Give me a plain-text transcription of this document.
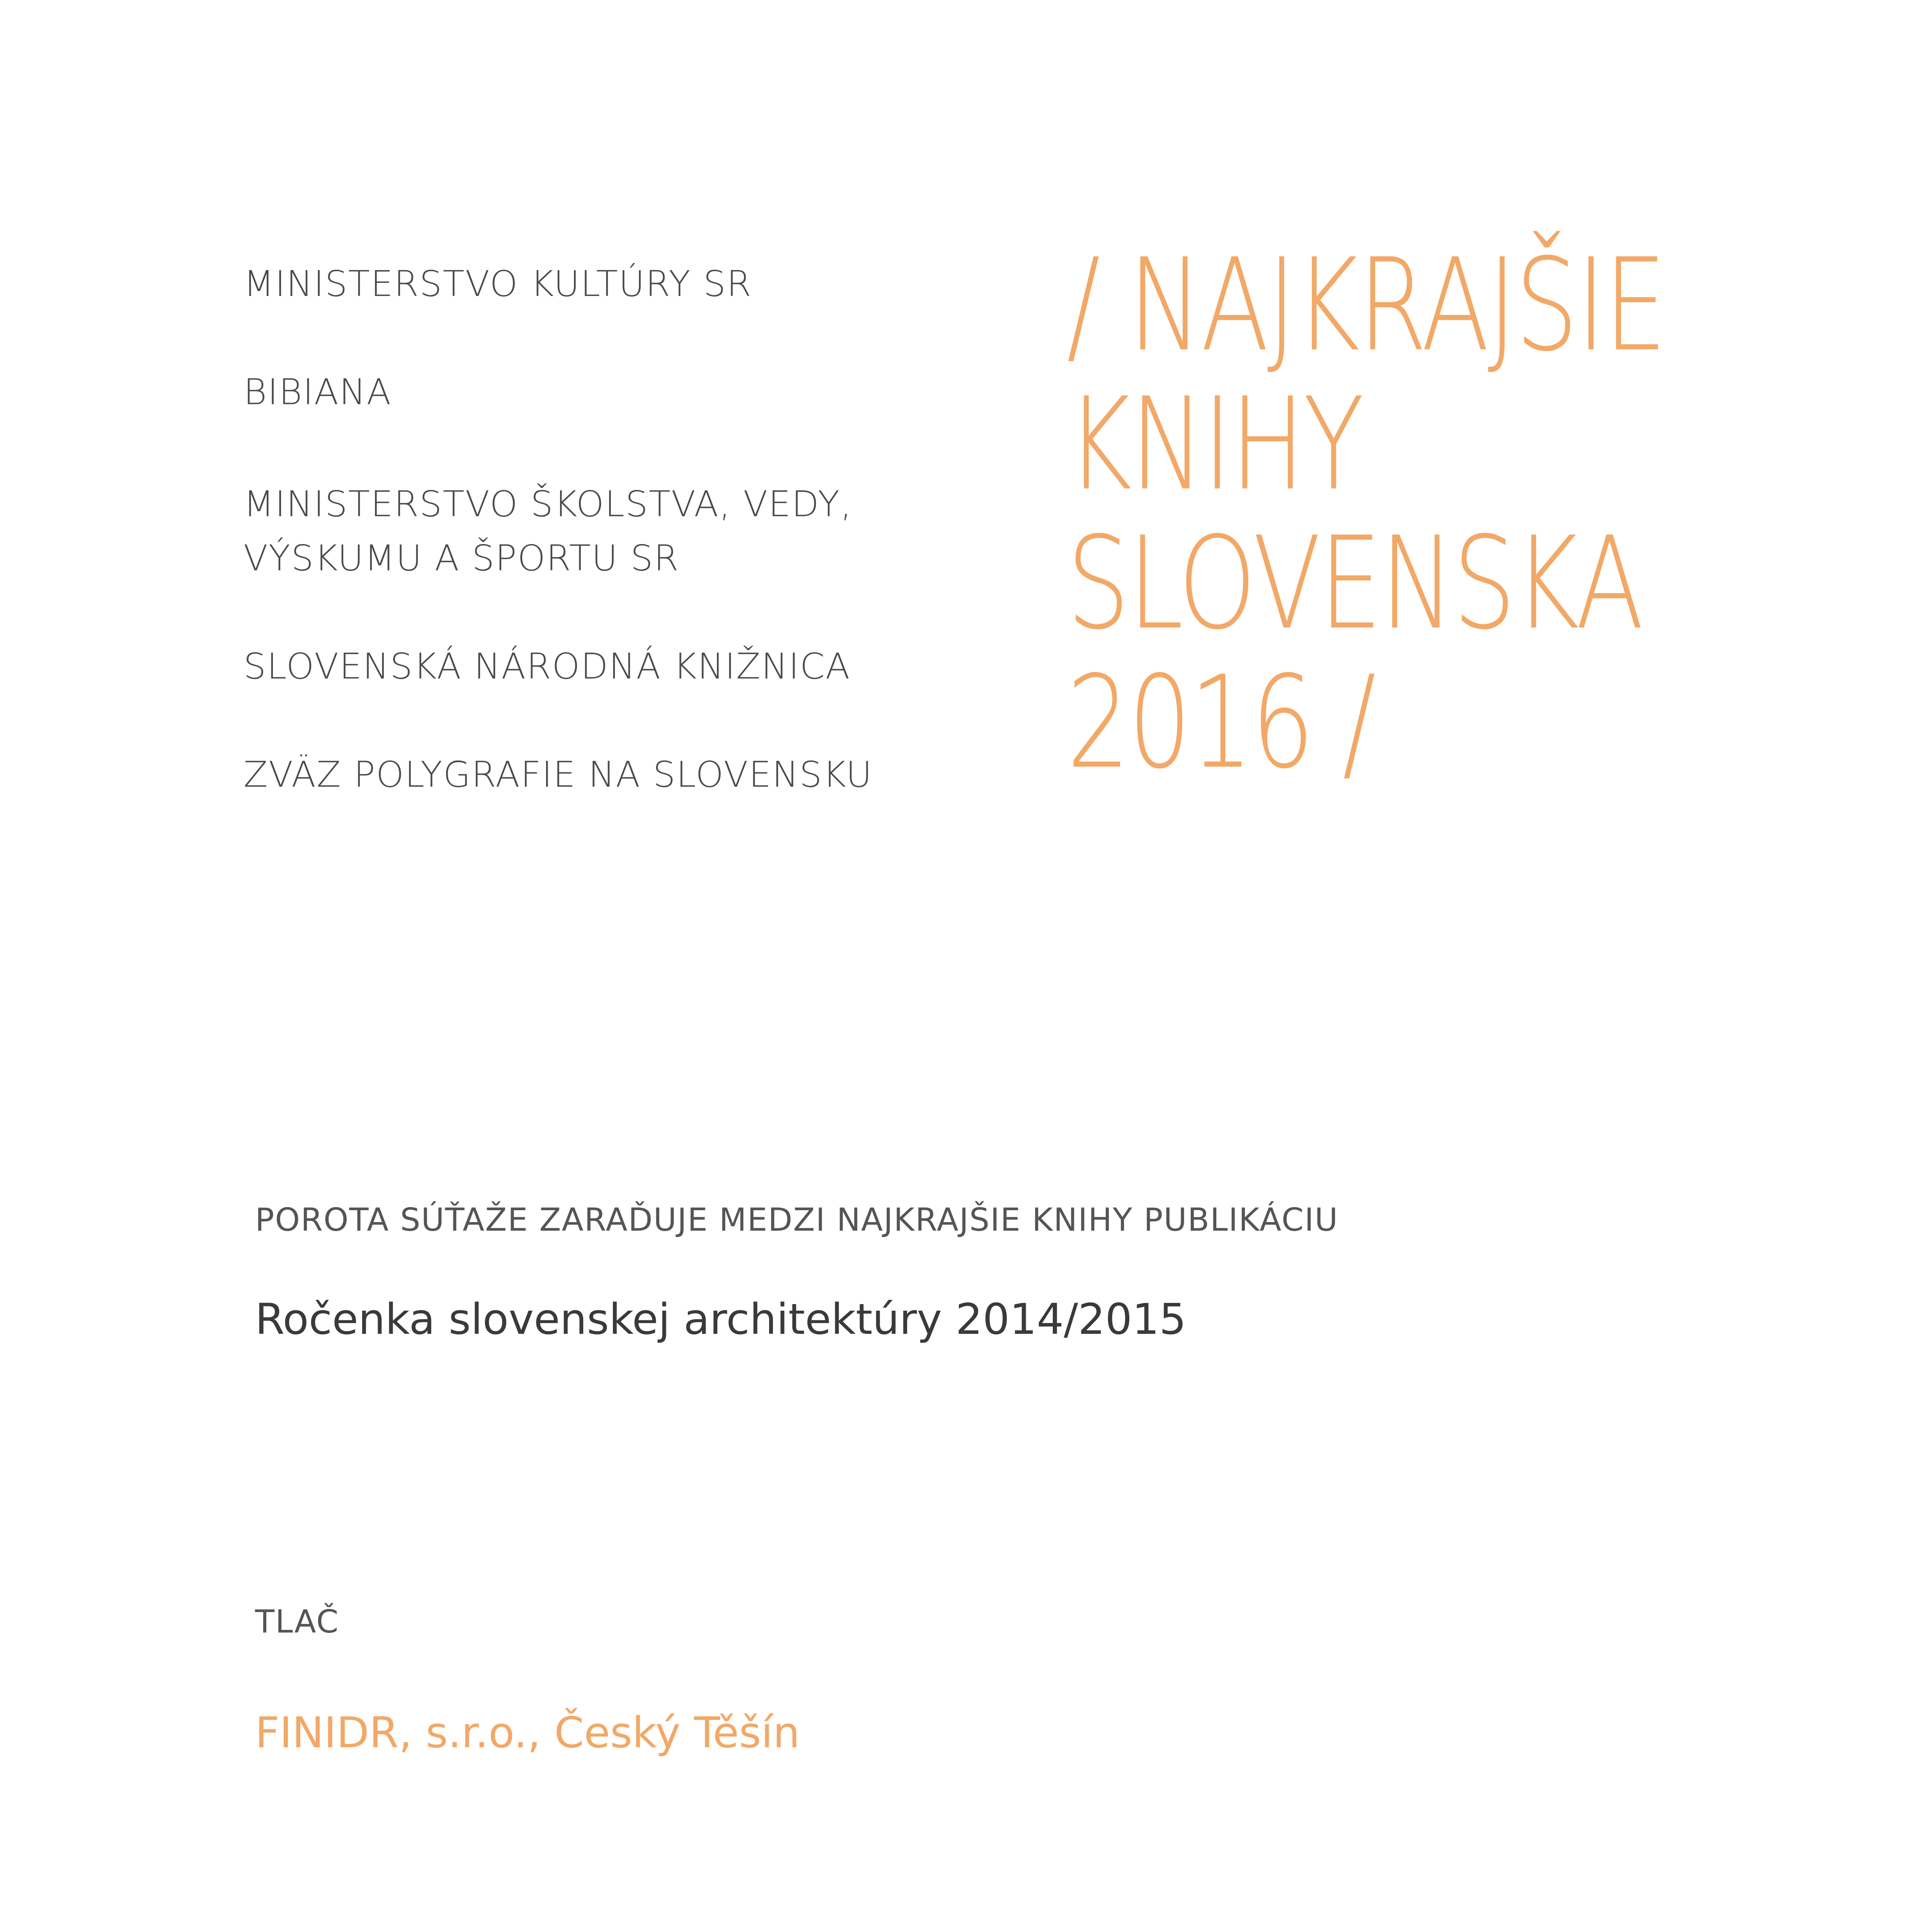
MINISTERSTVO KULTÚRY SR
BIBIANA
MINISTERSTVO ŠKOLSTVA, VEDY,
VÝSKUMU A ŠPORTU SR
SLOVENSKÁ NÁRODNÁ KNIŽNICA
ZVÄZ POLYGRAFIE NA SLOVENSKU
/ NAJKRAJŠIE
KNIHY
SLOVENSKA
2016 /
POROTA SÚŤAŽE ZARAĎUJE MEDZI NAJKRAJŠIE KNIHY PUBLIKÁCIU
Ročenka slovenskej architektúry 2014/2015
TLAČ
FINIDR, s.r.o., Český Těšín
